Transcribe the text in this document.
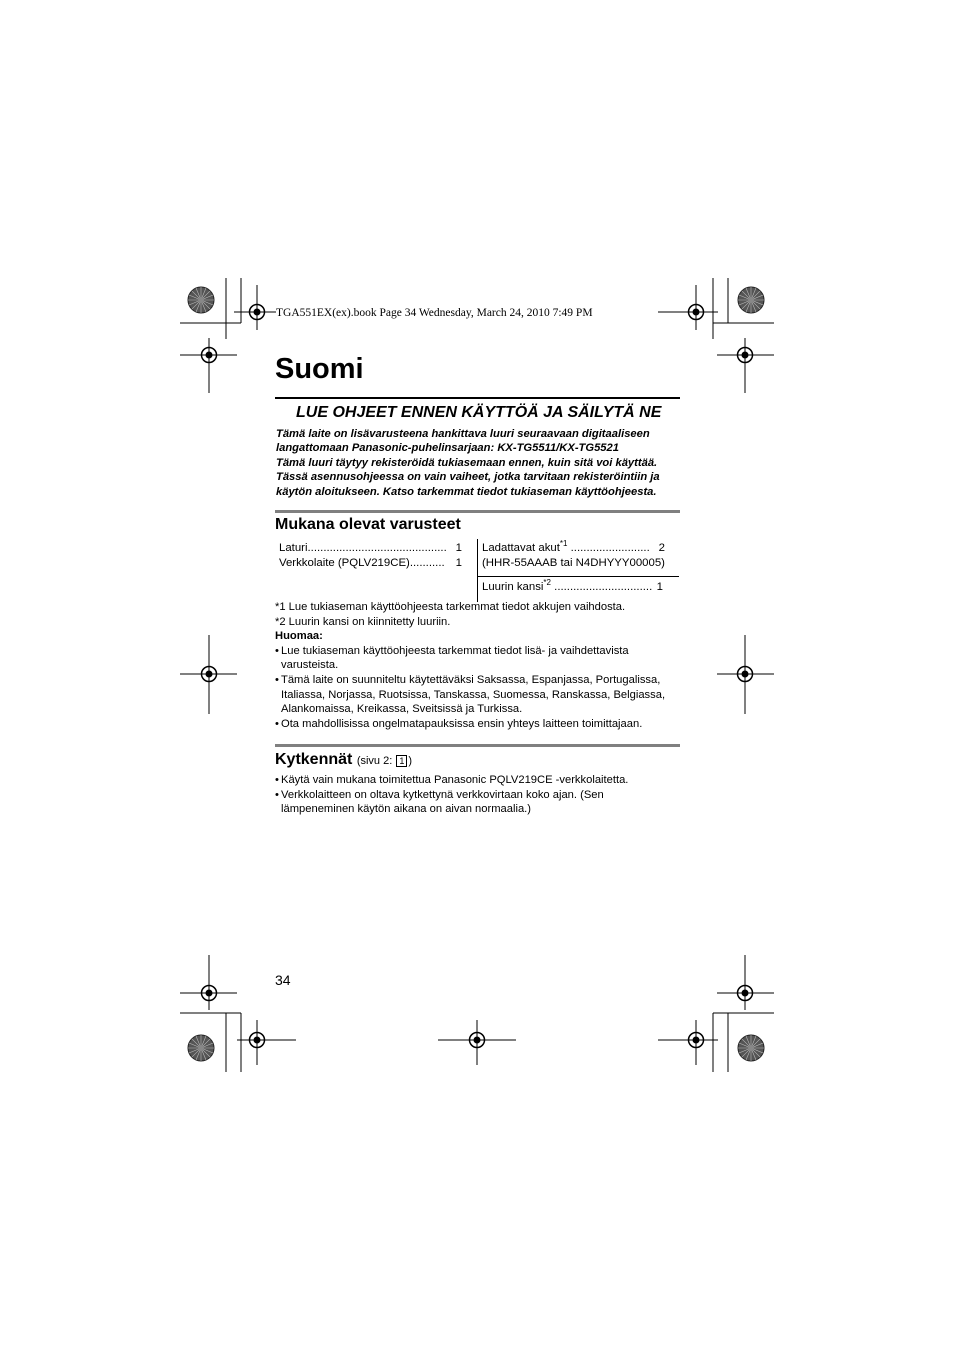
TGA551EX(ex).book Page 34 Wednesday, March 24, 2010 7:49 PM
Suomi
LUE OHJEET ENNEN KÄYTTÖÄ JA SÄILYTÄ NE
Tämä laite on lisävarusteena hankittava luuri seuraavaan digitaaliseen
langattomaan Panasonic-puhelinsarjaan: KX-TG5511/KX-TG5521
Tämä luuri täytyy rekisteröidä tukiasemaan ennen, kuin sitä voi käyttää.
Tässä asennusohjeessa on vain vaiheet, jotka tarvitaan rekisteröintiin ja
käytön aloitukseen. Katso tarkemmat tiedot tukiaseman käyttöohjeesta.
Mukana olevat varusteet
Laturi............................................ 1
Verkkolaite (PQLV219CE)........... 1
Ladattavat akut$^{*1}$ ......................... 2
(HHR-55AAAB tai N4DHYYY00005)
Luurin kansi$^{*2}$ ............................... 1
*1 Lue tukiaseman käyttöohjeesta tarkemmat tiedot akkujen vaihdosta.
*2 Luurin kansi on kiinnitetty luuriin.
Huomaa:
• Lue tukiaseman käyttöohjeesta tarkemmat tiedot lisä- ja vaihdettavista
varusteista.
• Tämä laite on suunniteltu käytettäväksi Saksassa, Espanjassa, Portugalissa,
Italiassa, Norjassa, Ruotsissa, Tanskassa, Suomessa, Ranskassa, Belgiassa,
Alankomaissa, Kreikassa, Sveitsissä ja Turkissa.
• Ota mahdollisissa ongelmatapauksissa ensin yhteys laitteen toimittajaan.
Kytkennät (sivu 2: 1 )
• Käytä vain mukana toimitettua Panasonic PQLV219CE -verkkolaitetta.
• Verkkolaitteen on oltava kytkettynä verkkovirtaan koko ajan. (Sen
lämpeneminen käytön aikana on aivan normaalia.)
34
